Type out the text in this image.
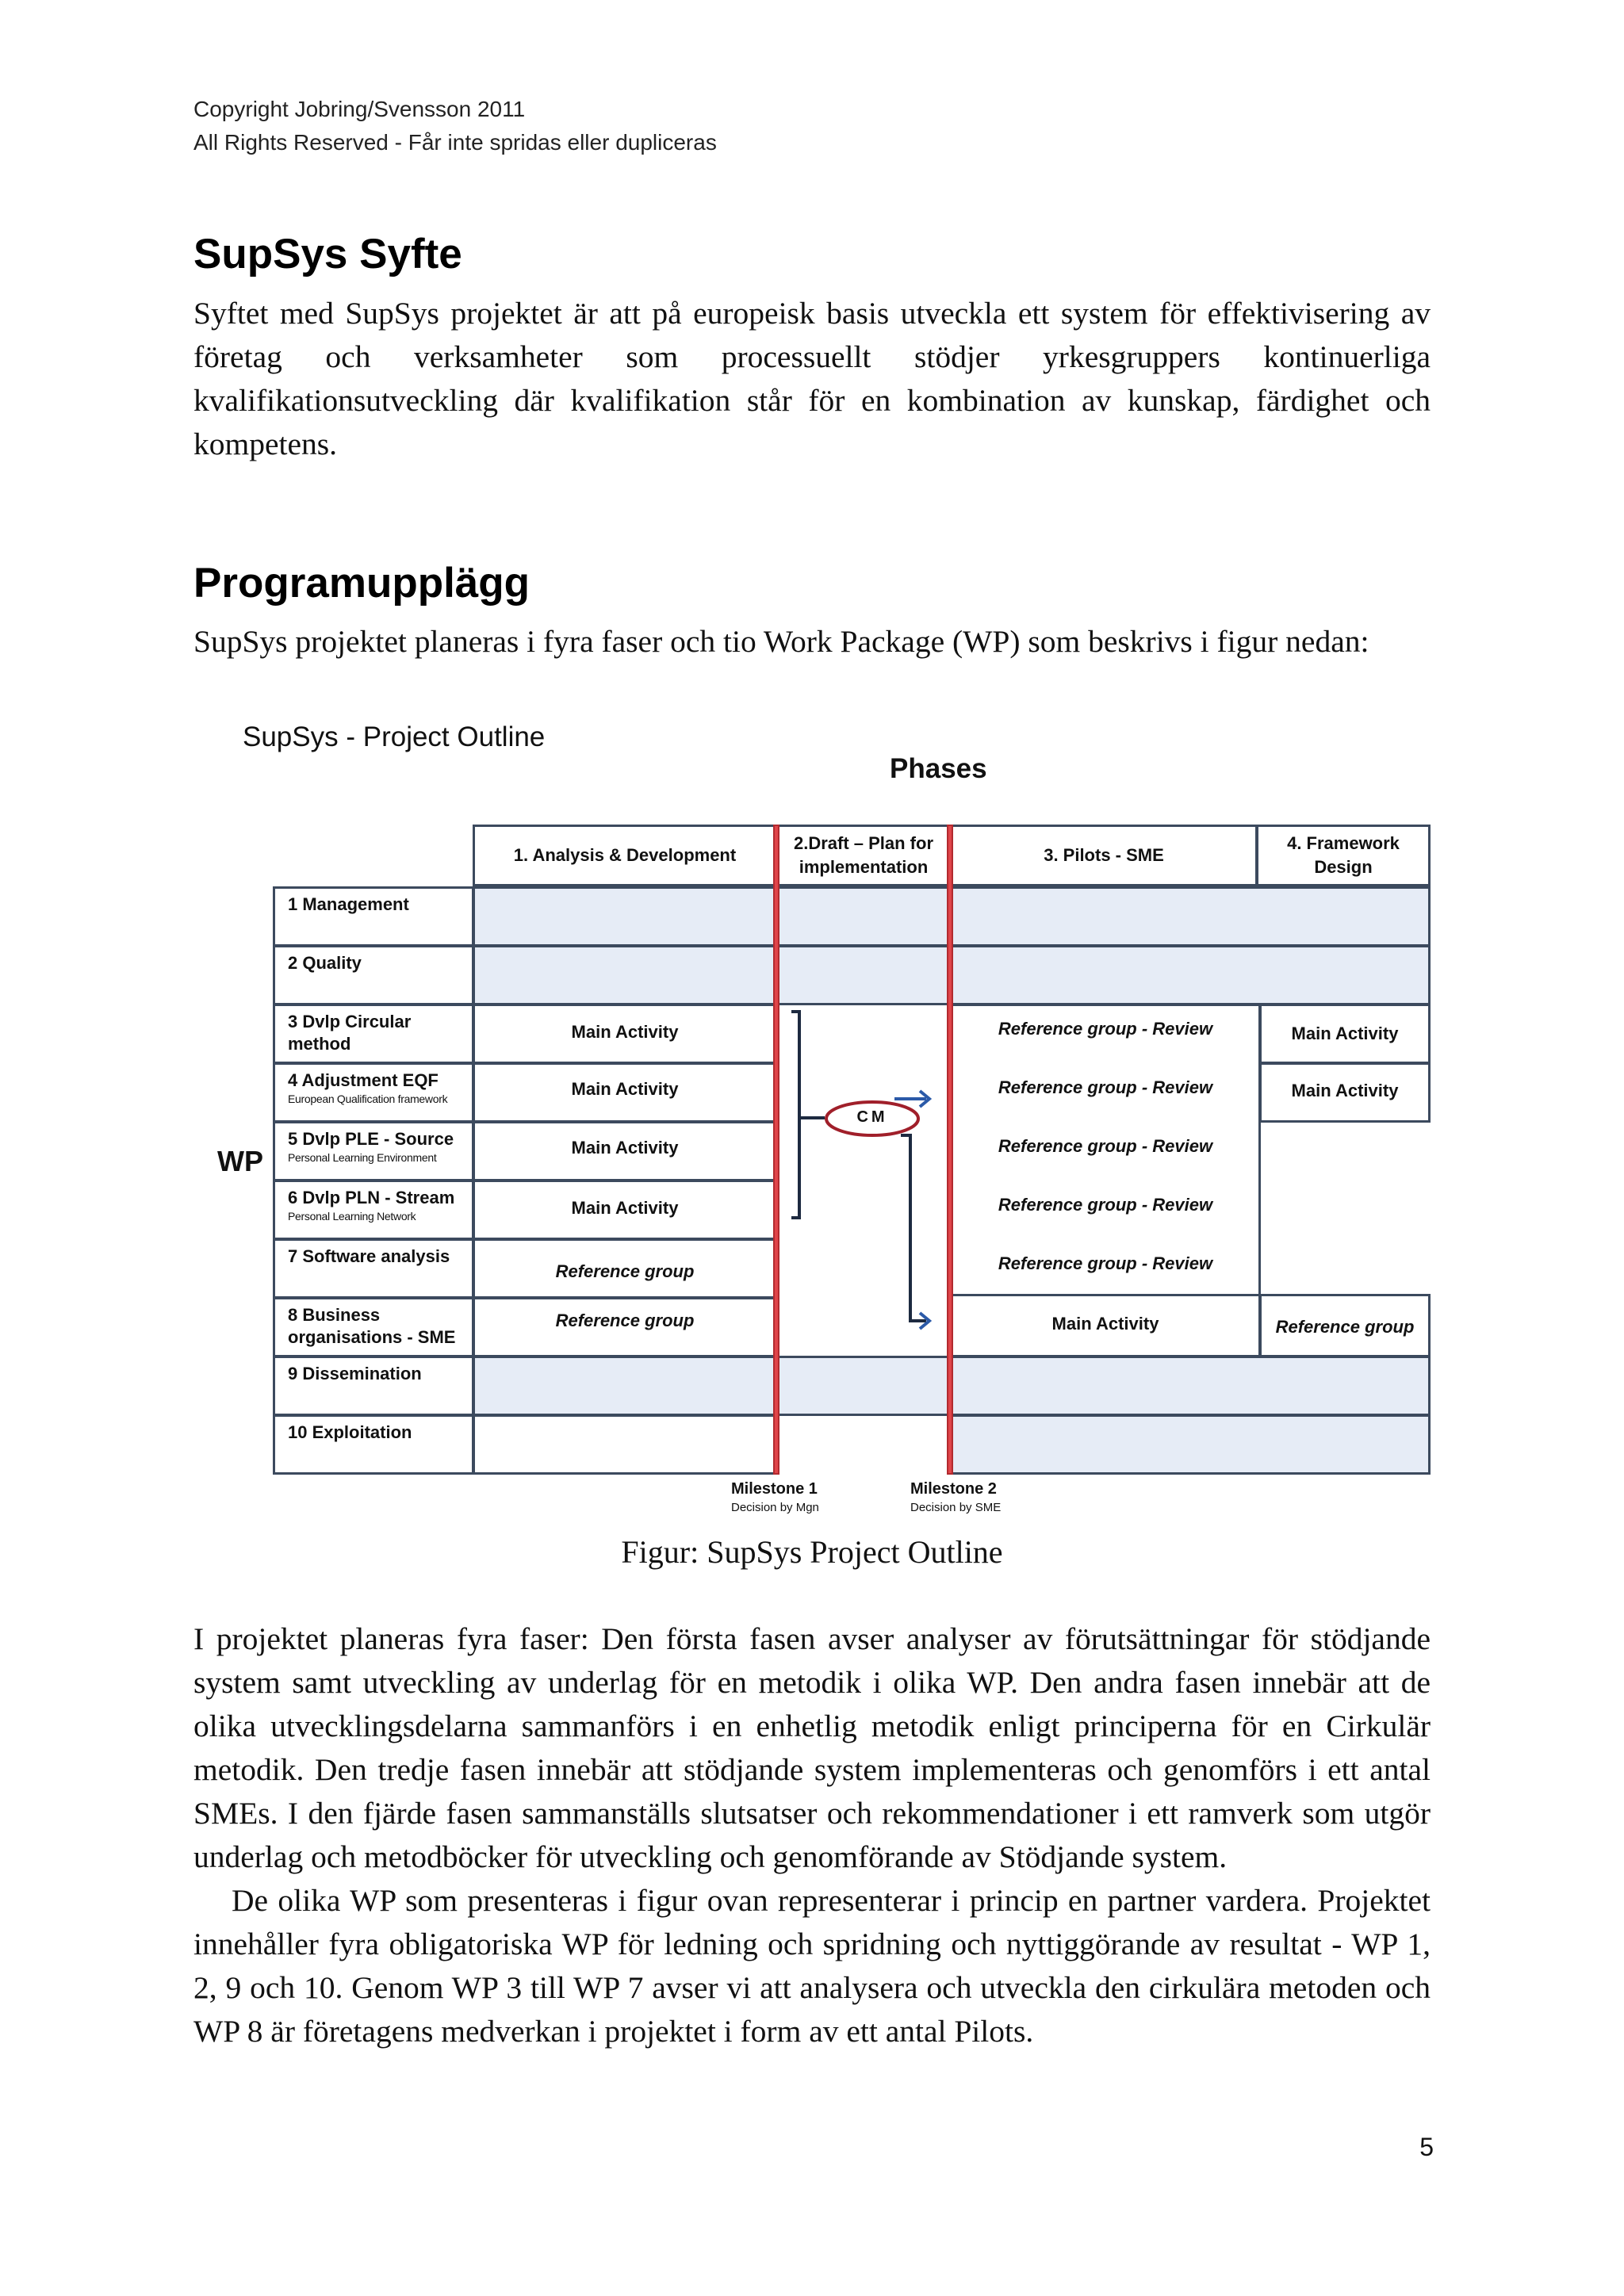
Copyright Jobring/Svensson 2011
All Rights Reserved - Får inte spridas eller dupliceras
SupSys Syfte

Syftet med SupSys projektet är att på europeisk basis utveckla ett system för effektivisering av företag och verksamheter som processuellt stödjer yrkesgruppers kontinuerliga kvalifikationsutveckling där kvalifikation står för en kombination av kunskap, färdighet och kompetens.

Programupplägg

SupSys projektet planeras i fyra faser och tio Work Package (WP) som beskrivs i figur nedan:

SupSys - Project Outline
Phases
1. Analysis & Development
2.Draft – Plan for implementation
3. Pilots - SME
4. Framework Design
1 Management
2 Quality
3 Dvlp Circular method
4 Adjustment EQF
European Qualification framework
5 Dvlp PLE - Source
Personal Learning Environment
6 Dvlp PLN - Stream
Personal Learning Network
7 Software analysis
8 Business organisations - SME
9 Dissemination
10 Exploitation
WP
Main Activity
Main Activity
Main Activity
Main Activity
Reference group
Reference group
Reference group - Review
Reference group - Review
Reference group - Review
Reference group - Review
Reference group - Review
Main Activity
Main Activity
Main Activity
Reference group
CM
Milestone 1
Decision by Mgn
Milestone 2
Decision by SME
Figur: SupSys Project Outline

I projektet planeras fyra faser: Den första fasen avser analyser av förutsättningar för stödjande system samt utveckling av underlag för en metodik i olika WP. Den andra fasen innebär att de olika utvecklingsdelarna sammanförs i en enhetlig metodik enligt principerna för en Cirkulär metodik. Den tredje fasen innebär att stödjande system implementeras och genomförs i ett antal SMEs. I den fjärde fasen sammanställs slutsatser och rekommendationer i ett ramverk som utgör underlag och metodböcker för utveckling och genomförande av Stödjande system.

De olika WP som presenteras i figur ovan representerar i princip en partner vardera. Projektet innehåller fyra obligatoriska WP för ledning och spridning och nyttiggörande av resultat - WP 1, 2, 9 och 10. Genom WP 3 till WP 7 avser vi att analysera och utveckla den cirkulära metoden och WP 8 är företagens medverkan i projektet i form av ett antal Pilots.

5
